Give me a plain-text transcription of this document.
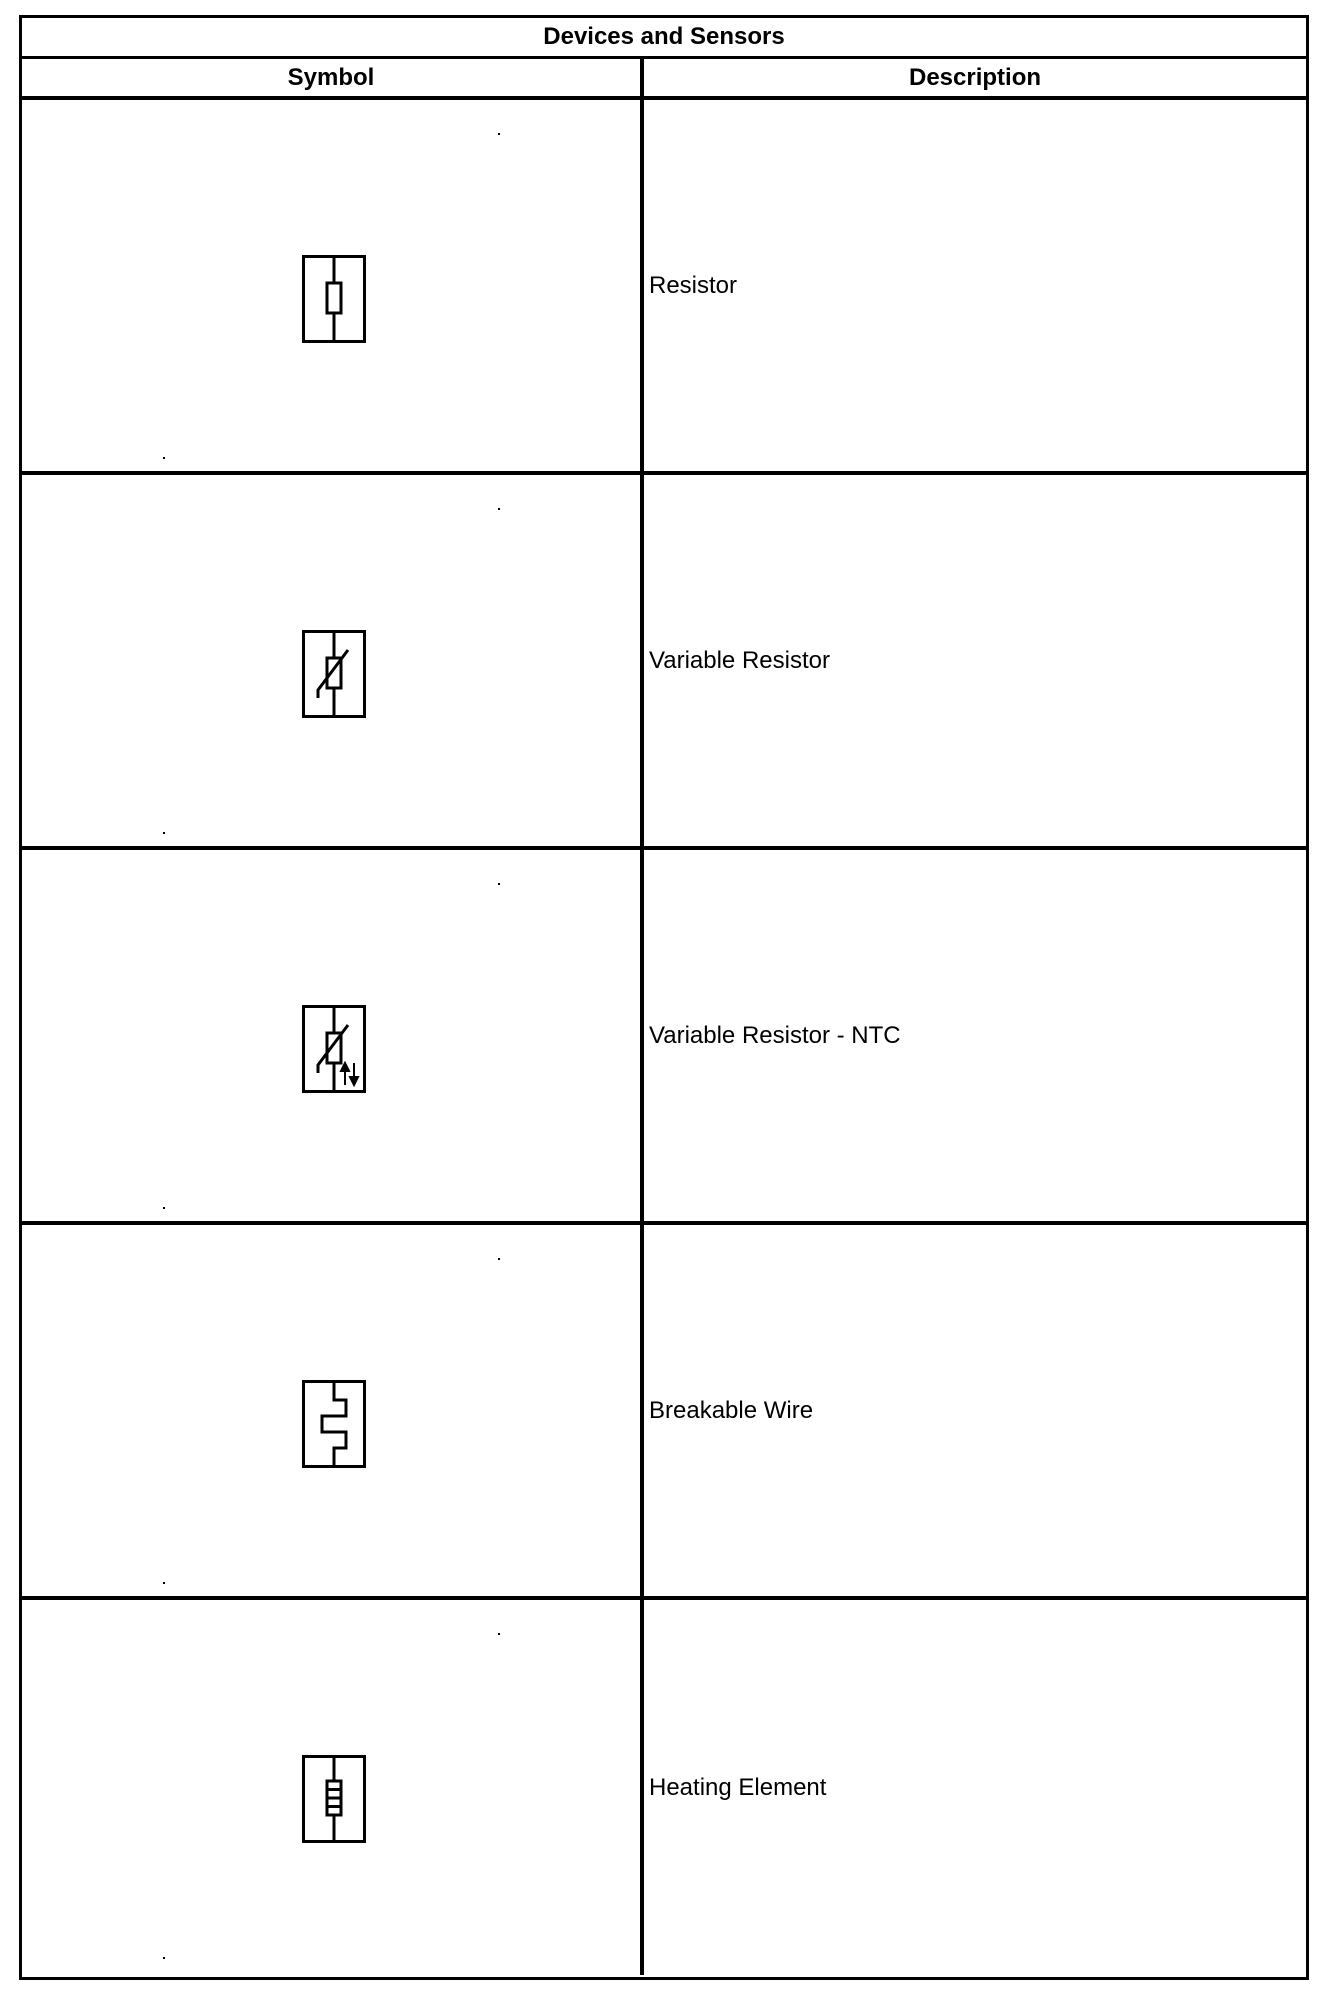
Devices and Sensors
Symbol	Description
Resistor
Variable Resistor
Variable Resistor - NTC
Breakable Wire
Heating Element
